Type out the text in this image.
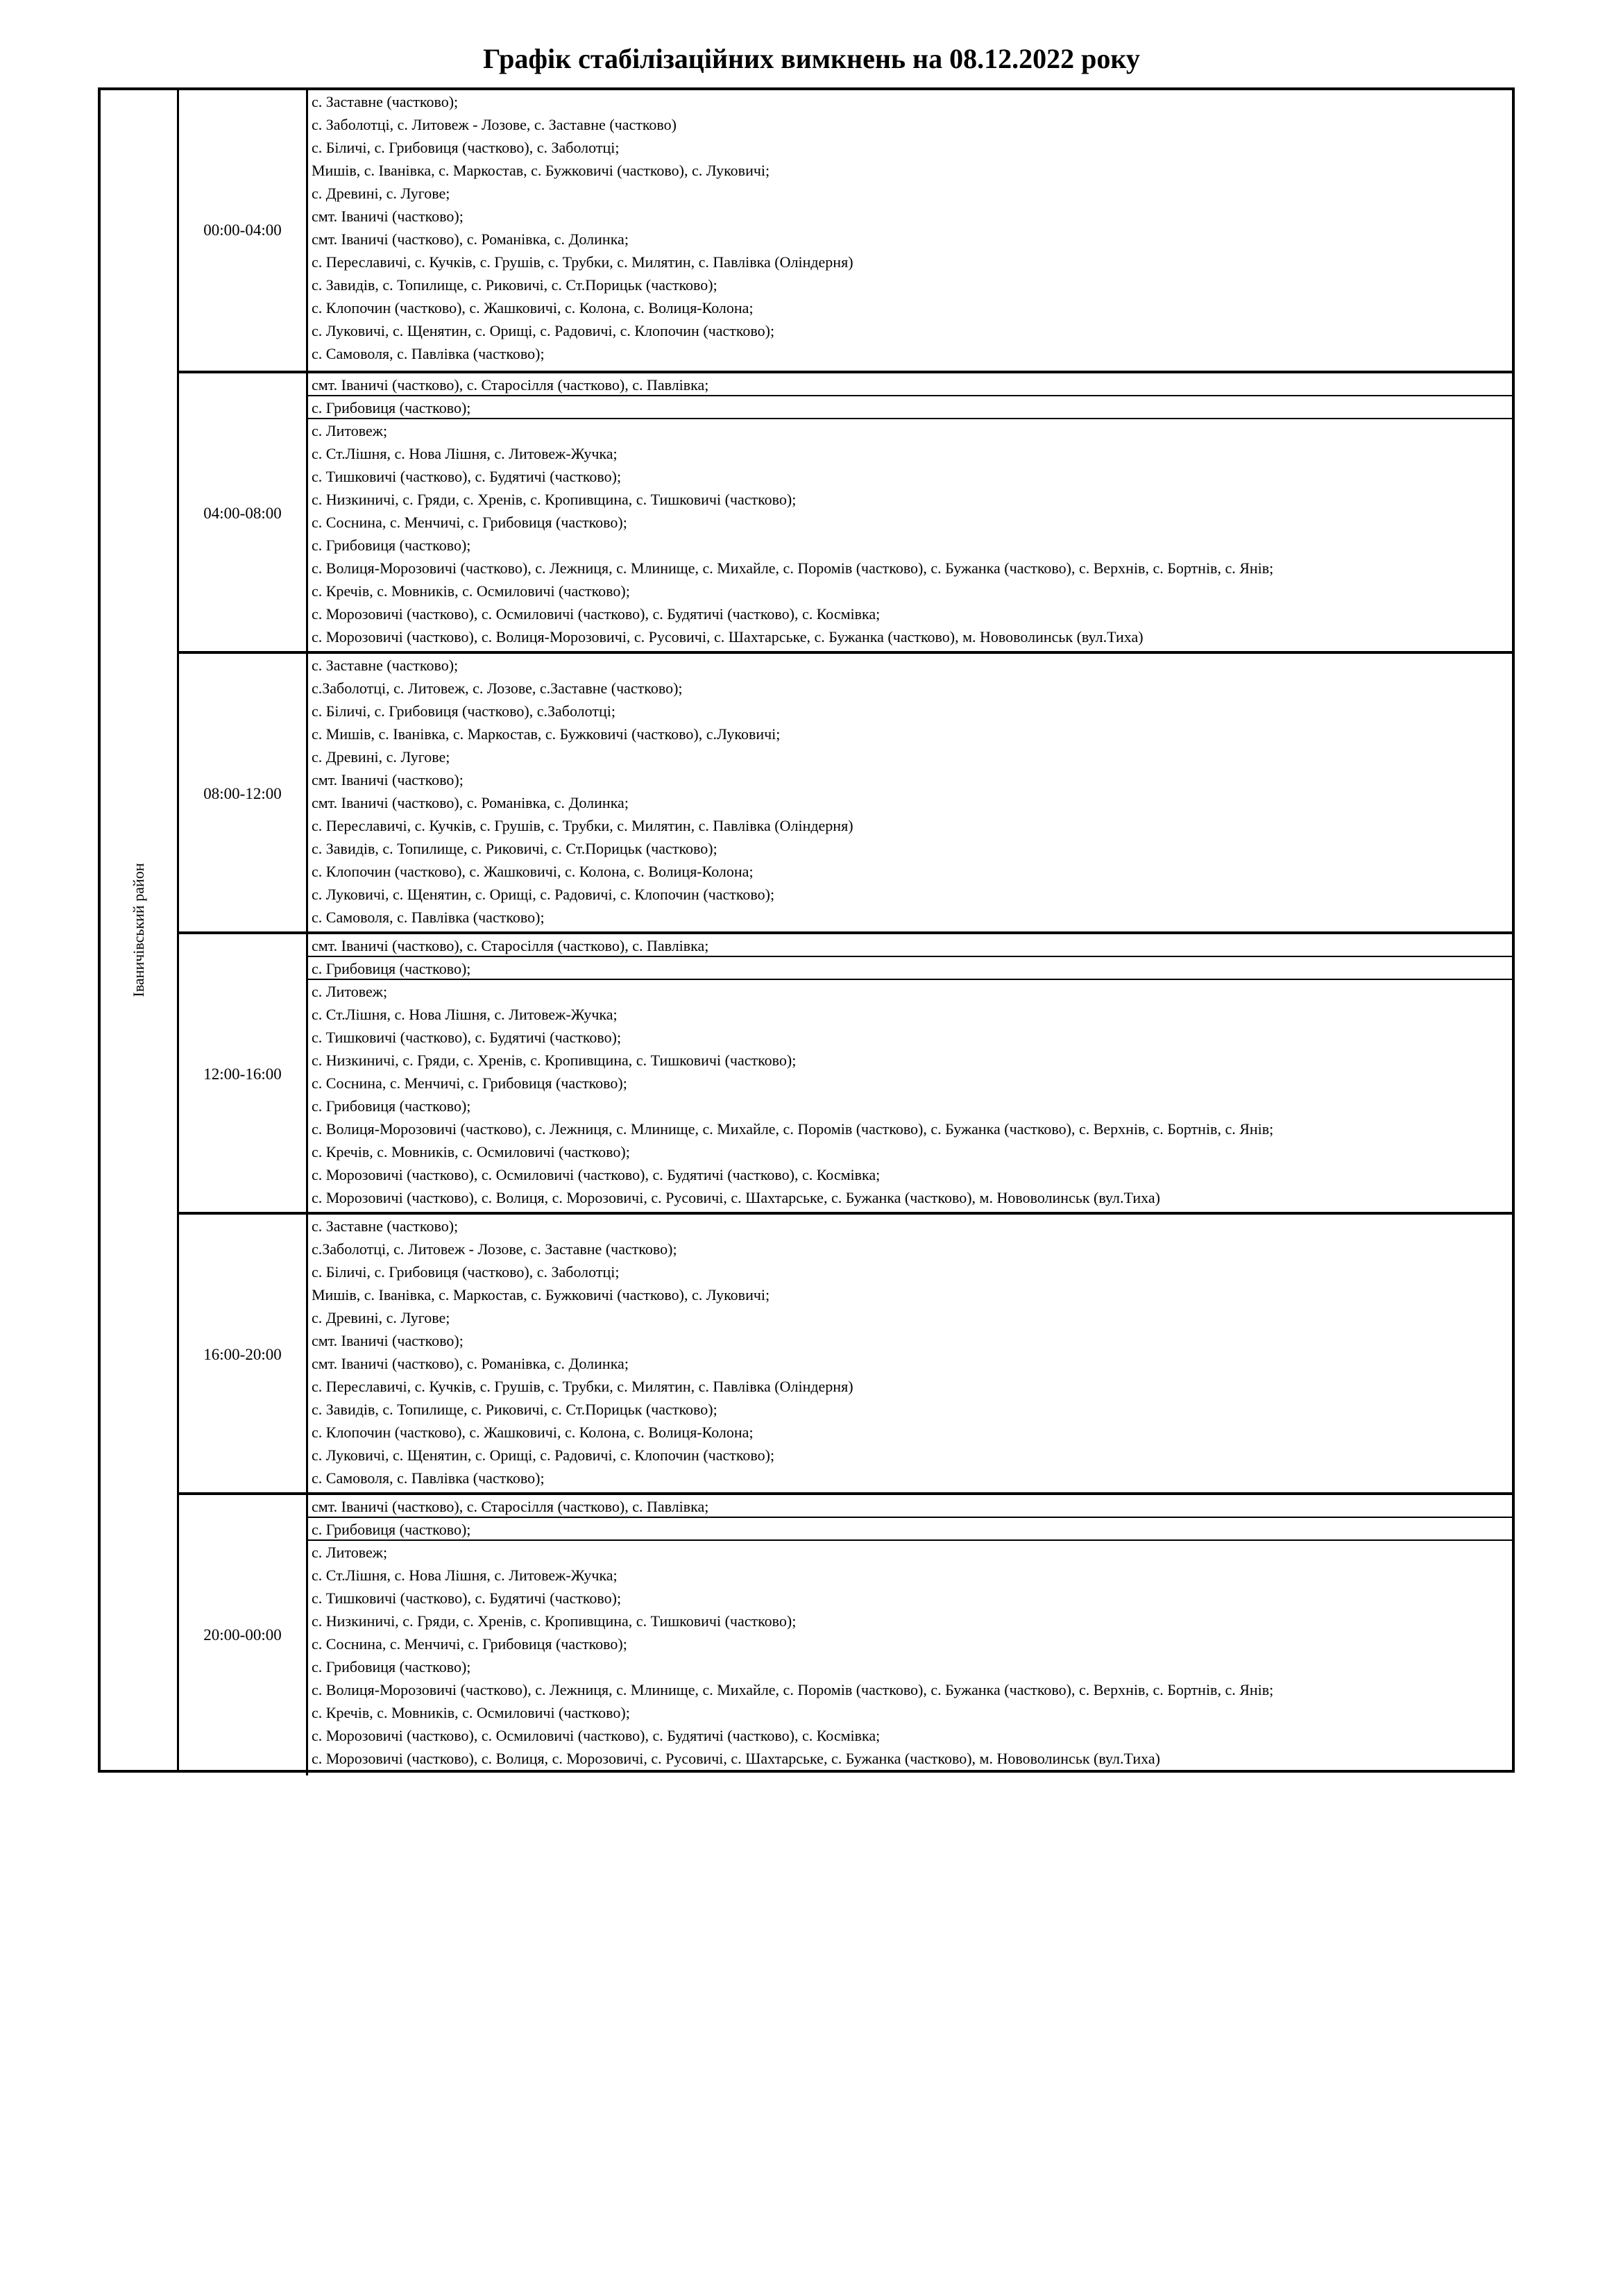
Графік стабілізаційних вимкнень на 08.12.2022 року
Іваничівський район
00:00-04:00
с. Заставне (частково);
с. Заболотці, с. Литовеж - Лозове, с. Заставне (частково)
с. Біличі, с. Грибовиця (частково), с. Заболотці;
Мишів, с. Іванівка, с. Маркостав, с. Бужковичі (частково), с. Луковичі;
с. Древині, с. Лугове;
смт. Іваничі (частково);
смт. Іваничі (частково), с. Романівка, с. Долинка;
с. Переславичі, с. Кучків, с. Грушів, с. Трубки, с. Милятин, с. Павлівка (Оліндерня)
с. Завидів, с. Топилище, с. Риковичі, с. Ст.Порицьк (частково);
с. Клопочин (частково), с. Жашковичі, с. Колона, с. Волиця-Колона;
с. Луковичі, с. Щенятин, с. Орищі, с. Радовичі, с. Клопочин (частково);
с. Самоволя, с. Павлівка (частково);
04:00-08:00
смт. Іваничі (частково), с. Старосілля (частково), с. Павлівка;
с. Грибовиця (частково);
с. Литовеж;
с. Ст.Лішня, с. Нова Лішня, с. Литовеж-Жучка;
с. Тишковичі (частково), с. Будятичі (частково);
с. Низкиничі, с. Гряди, с. Хренів, с. Кропивщина, с. Тишковичі (частково);
с. Соснина, с. Менчичі, с. Грибовиця (частково);
с. Грибовиця (частково);
с. Волиця-Морозовичі (частково), с. Лежниця, с. Млинище, с. Михайле, с. Поромів (частково), с. Бужанка (частково), с. Верхнів, с. Бортнів, с. Янів;
с. Кречів, с. Мовників, с. Осмиловичі (частково);
с. Морозовичі (частково), с. Осмиловичі (частково), с. Будятичі (частково), с. Космівка;
с. Морозовичі (частково), с. Волиця-Морозовичі, с. Русовичі, с. Шахтарське, с. Бужанка (частково), м. Нововолинськ (вул.Тиха)
08:00-12:00
с. Заставне (частково);
с.Заболотці, с. Литовеж, с. Лозове, с.Заставне (частково);
с. Біличі, с. Грибовиця (частково), с.Заболотці;
с. Мишів, с. Іванівка, с. Маркостав, с. Бужковичі (частково), с.Луковичі;
с. Древині, с. Лугове;
смт. Іваничі (частково);
смт. Іваничі (частково), с. Романівка, с. Долинка;
с. Переславичі, с. Кучків, с. Грушів, с. Трубки, с. Милятин, с. Павлівка (Оліндерня)
с. Завидів, с. Топилище, с. Риковичі, с. Ст.Порицьк (частково);
с. Клопочин (частково), с. Жашковичі, с. Колона, с. Волиця-Колона;
с. Луковичі, с. Щенятин, с. Орищі, с. Радовичі, с. Клопочин (частково);
с. Самоволя, с. Павлівка (частково);
12:00-16:00
смт. Іваничі (частково), с. Старосілля (частково), с. Павлівка;
с. Грибовиця (частково);
с. Литовеж;
с. Ст.Лішня, с. Нова Лішня, с. Литовеж-Жучка;
с. Тишковичі (частково), с. Будятичі (частково);
с. Низкиничі, с. Гряди, с. Хренів, с. Кропивщина, с. Тишковичі (частково);
с. Соснина, с. Менчичі, с. Грибовиця (частково);
с. Грибовиця (частково);
с. Волиця-Морозовичі (частково), с. Лежниця, с. Млинище, с. Михайле, с. Поромів (частково), с. Бужанка (частково), с. Верхнів, с. Бортнів, с. Янів;
с. Кречів, с. Мовників, с. Осмиловичі (частково);
с. Морозовичі (частково), с. Осмиловичі (частково), с. Будятичі (частково), с. Космівка;
с. Морозовичі (частково), с. Волиця, с. Морозовичі, с. Русовичі, с. Шахтарське, с. Бужанка (частково), м. Нововолинськ (вул.Тиха)
16:00-20:00
с. Заставне (частково);
с.Заболотці, с. Литовеж - Лозове, с. Заставне (частково);
с. Біличі, с. Грибовиця (частково), с. Заболотці;
Мишів, с. Іванівка, с. Маркостав, с. Бужковичі (частково), с. Луковичі;
с. Древині, с. Лугове;
смт. Іваничі (частково);
смт. Іваничі (частково), с. Романівка, с. Долинка;
с. Переславичі, с. Кучків, с. Грушів, с. Трубки, с. Милятин, с. Павлівка (Оліндерня)
с. Завидів, с. Топилище, с. Риковичі, с. Ст.Порицьк (частково);
с. Клопочин (частково), с. Жашковичі, с. Колона, с. Волиця-Колона;
с. Луковичі, с. Щенятин, с. Орищі, с. Радовичі, с. Клопочин (частково);
с. Самоволя, с. Павлівка (частково);
20:00-00:00
смт. Іваничі (частково), с. Старосілля (частково), с. Павлівка;
с. Грибовиця (частково);
с. Литовеж;
с. Ст.Лішня, с. Нова Лішня, с. Литовеж-Жучка;
с. Тишковичі (частково), с. Будятичі (частково);
с. Низкиничі, с. Гряди, с. Хренів, с. Кропивщина, с. Тишковичі (частково);
с. Соснина, с. Менчичі, с. Грибовиця (частково);
с. Грибовиця (частково);
с. Волиця-Морозовичі (частково), с. Лежниця, с. Млинище, с. Михайле, с. Поромів (частково), с. Бужанка (частково), с. Верхнів, с. Бортнів, с. Янів;
с. Кречів, с. Мовників, с. Осмиловичі (частково);
с. Морозовичі (частково), с. Осмиловичі (частково), с. Будятичі (частково), с. Космівка;
с. Морозовичі (частково), с. Волиця, с. Морозовичі, с. Русовичі, с. Шахтарське, с. Бужанка (частково), м. Нововолинськ (вул.Тиха)
